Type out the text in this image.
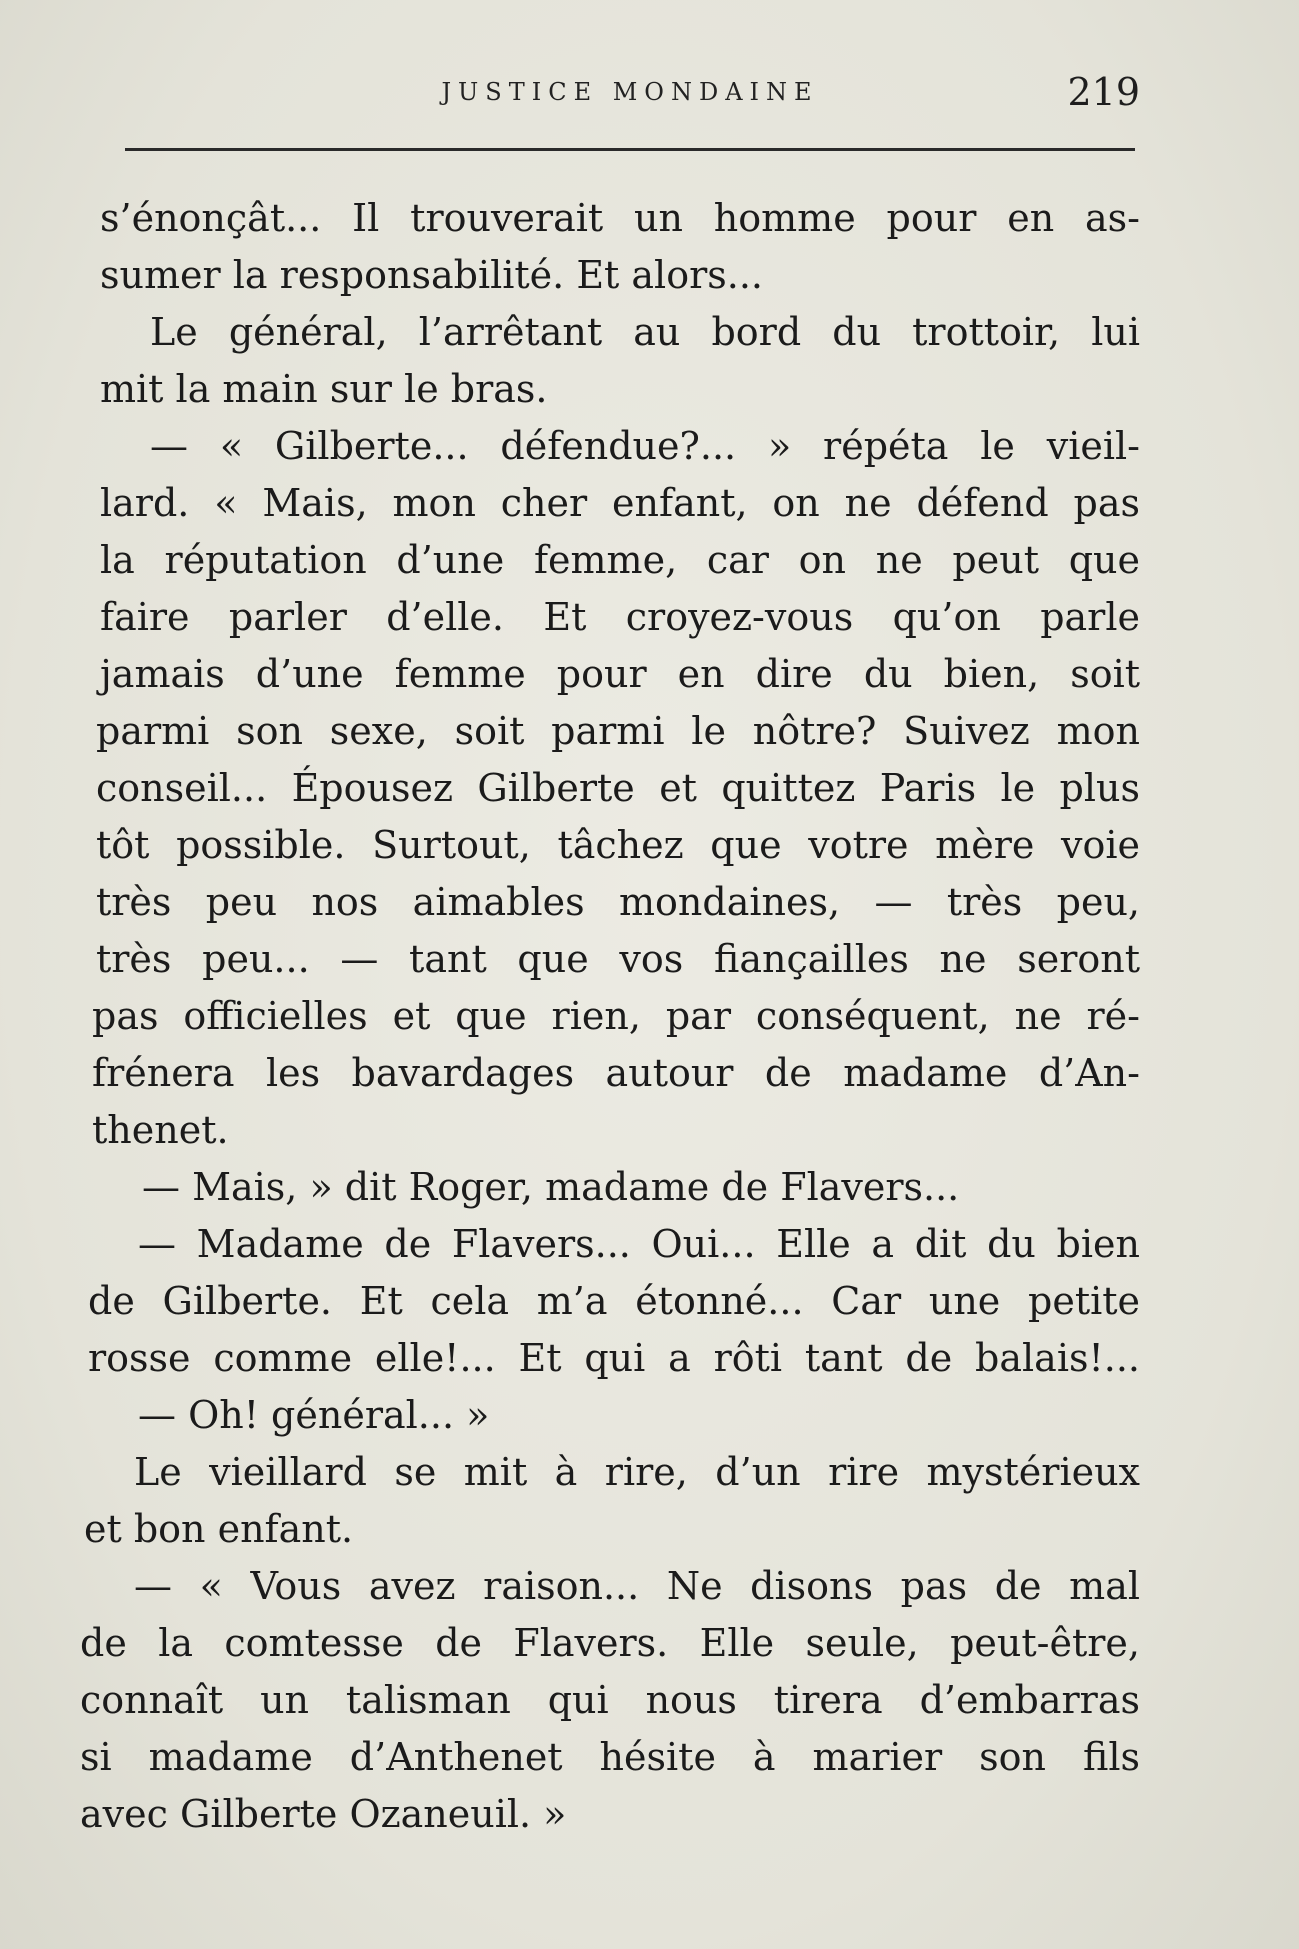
JUSTICE MONDAINE	219
s’énonçât... Il trouverait un homme pour en as-
sumer la responsabilité. Et alors...
Le général, l’arrêtant au bord du trottoir, lui
mit la main sur le bras.
— « Gilberte... défendue?... » répéta le vieil-
lard. « Mais, mon cher enfant, on ne défend pas
la réputation d’une femme, car on ne peut que
faire parler d’elle. Et croyez-vous qu’on parle
jamais d’une femme pour en dire du bien, soit
parmi son sexe, soit parmi le nôtre? Suivez mon
conseil... Épousez Gilberte et quittez Paris le plus
tôt possible. Surtout, tâchez que votre mère voie
très peu nos aimables mondaines, — très peu,
très peu... — tant que vos fiançailles ne seront
pas officielles et que rien, par conséquent, ne ré-
frénera les bavardages autour de madame d’An-
thenet.
— Mais, » dit Roger, madame de Flavers...
— Madame de Flavers... Oui... Elle a dit du bien
de Gilberte. Et cela m’a étonné... Car une petite
rosse comme elle!... Et qui a rôti tant de balais!...
— Oh! général... »
Le vieillard se mit à rire, d’un rire mystérieux
et bon enfant.
— « Vous avez raison... Ne disons pas de mal
de la comtesse de Flavers. Elle seule, peut-être,
connaît un talisman qui nous tirera d’embarras
si madame d’Anthenet hésite à marier son fils
avec Gilberte Ozaneuil. »
